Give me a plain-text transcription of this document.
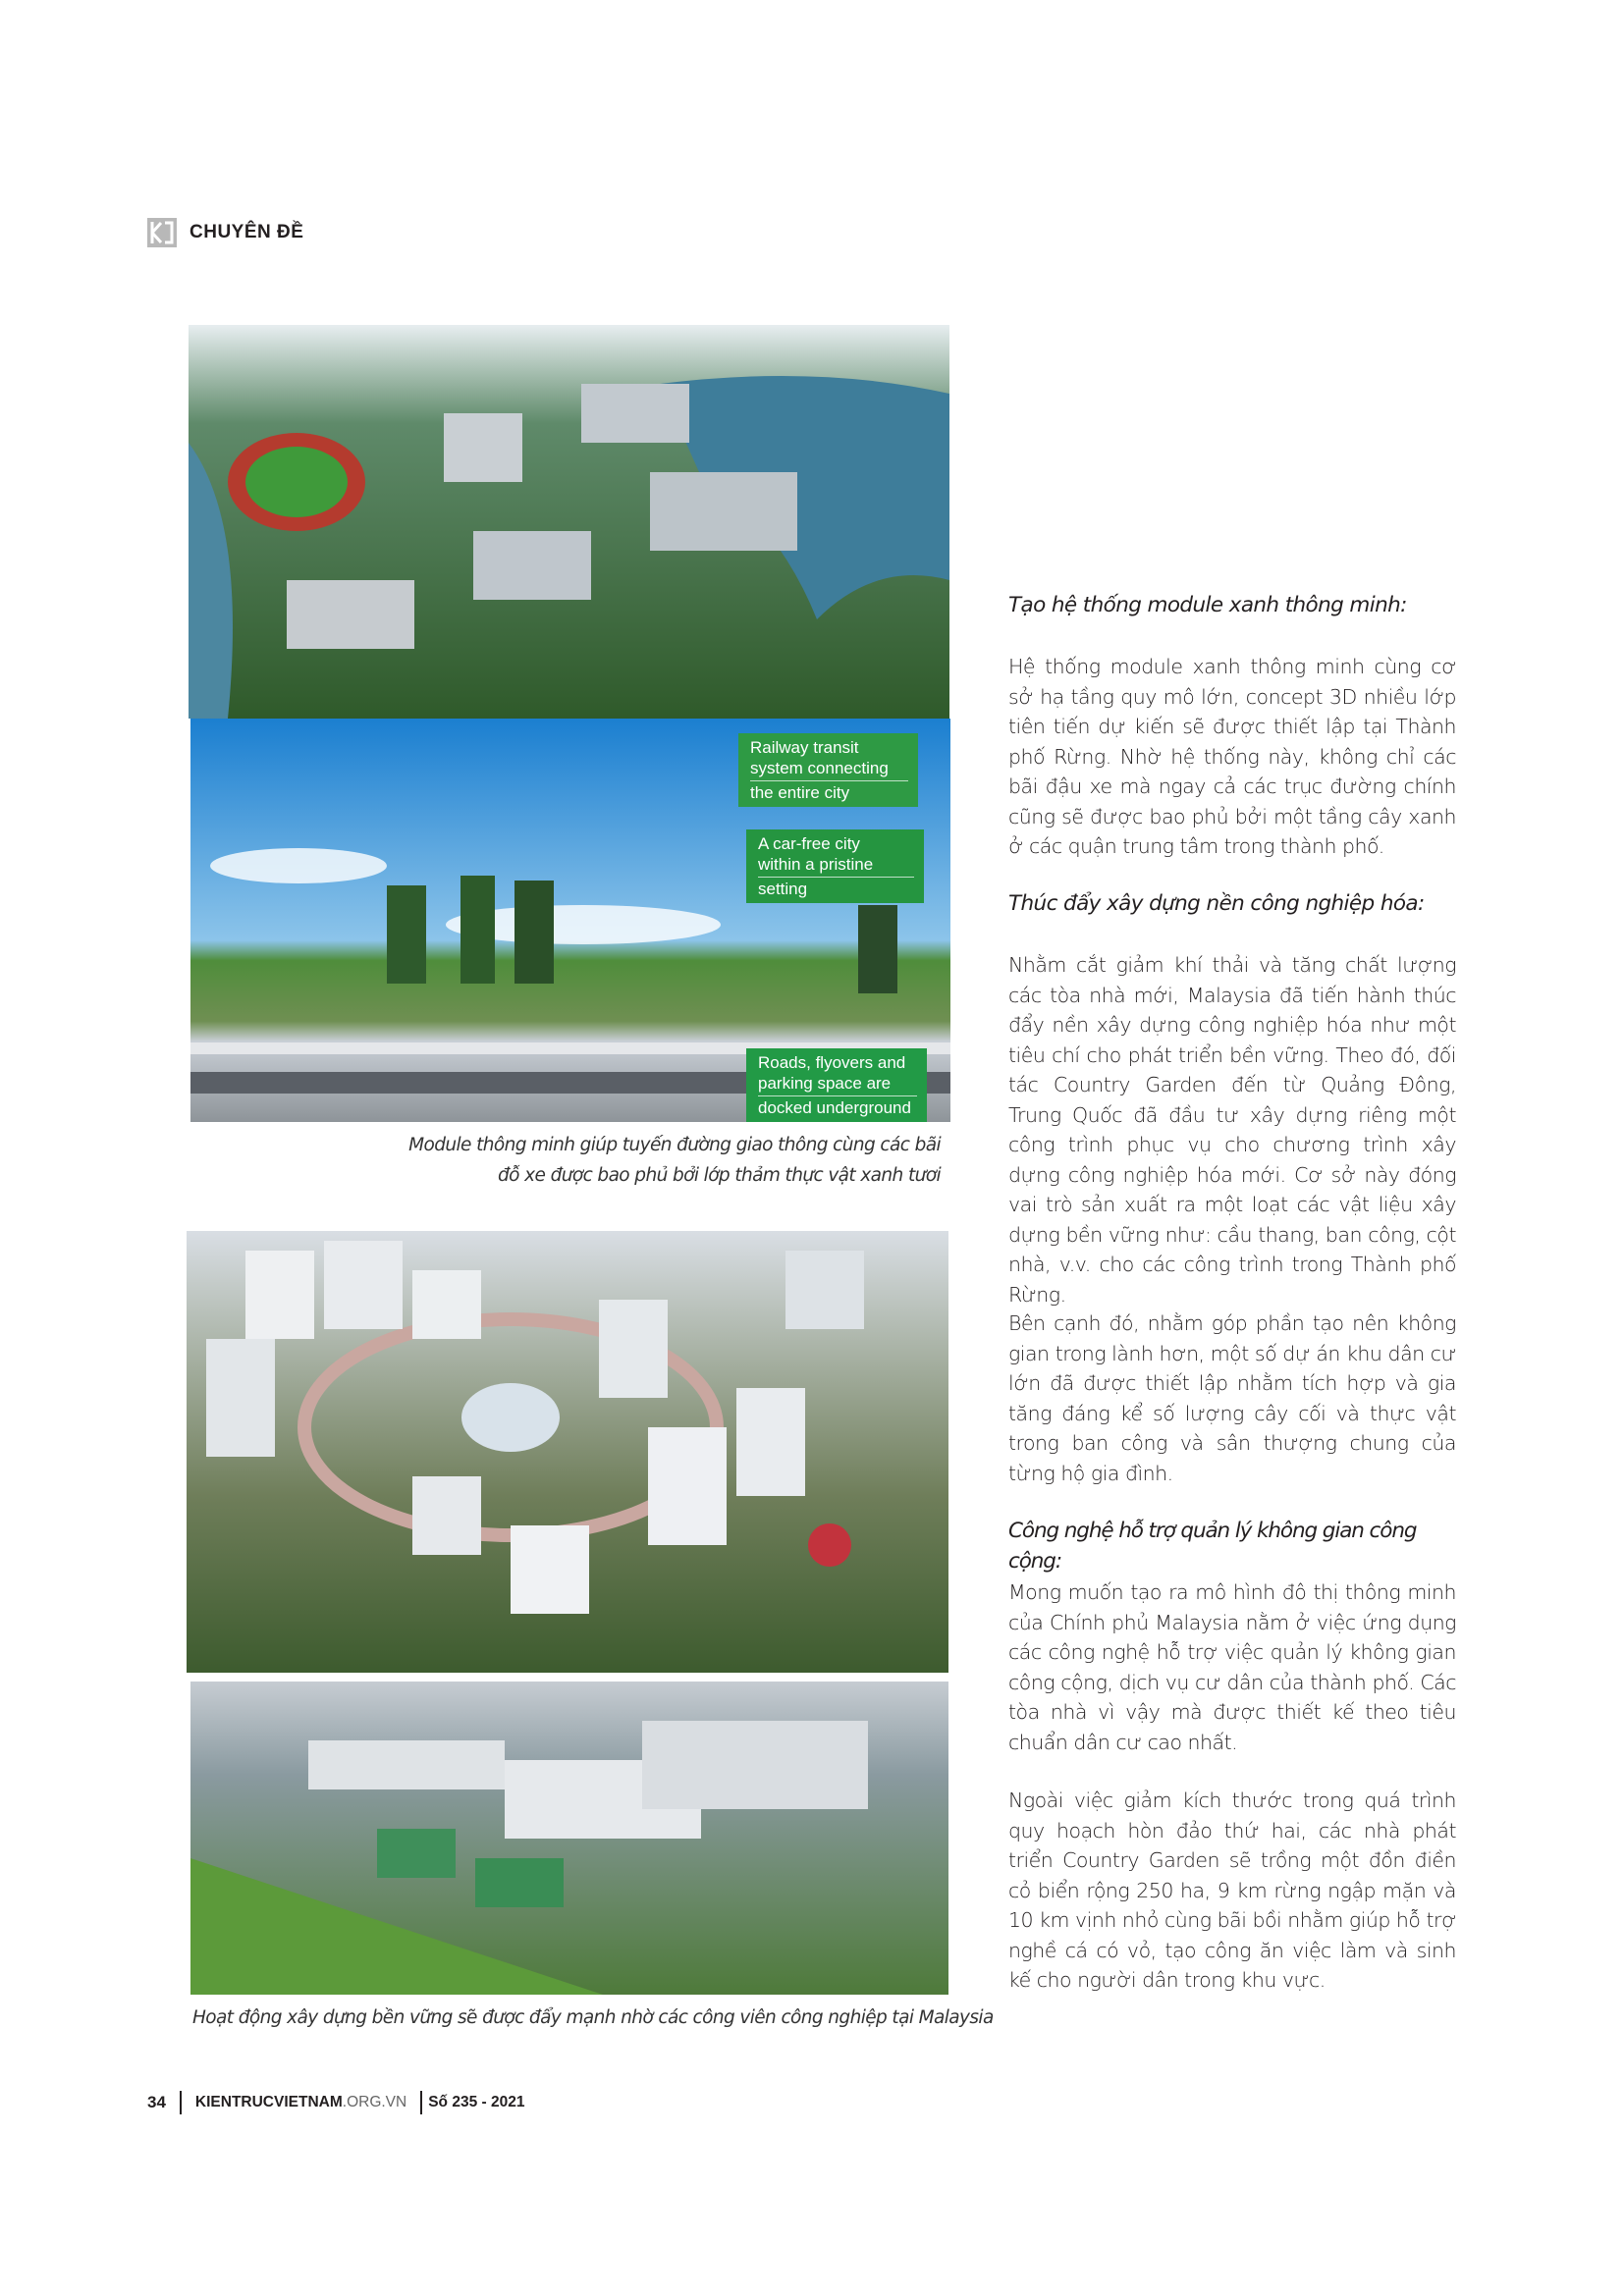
CHUYÊN ĐỀ
Railway transit
system connecting
the entire city
A car-free city
within a pristine
setting
Roads, flyovers and
parking space are
docked underground
Module thông minh giúp tuyến đường giao thông cùng các bãi
đỗ xe được bao phủ bởi lớp thảm thực vật xanh tươi
Hoạt động xây dựng bền vững sẽ được đẩy mạnh nhờ các công viên công nghiệp tại Malaysia
Tạo hệ thống module xanh thông minh:
Hệ thống module xanh thông minh cùng cơ sở hạ tầng quy mô lớn, concept 3D nhiều lớp tiên tiến dự kiến sẽ được thiết lập tại Thành phố Rừng. Nhờ hệ thống này, không chỉ các bãi đậu xe mà ngay cả các trục đường chính cũng sẽ được bao phủ bởi một tầng cây xanh ở các quận trung tâm trong thành phố.
Thúc đẩy xây dựng nền công nghiệp hóa:
Nhằm cắt giảm khí thải và tăng chất lượng các tòa nhà mới, Malaysia đã tiến hành thúc đẩy nền xây dựng công nghiệp hóa như một tiêu chí cho phát triển bền vững. Theo đó, đối tác Country Garden đến từ Quảng Đông, Trung Quốc đã đầu tư xây dựng riêng một công trình phục vụ cho chương trình xây dựng công nghiệp hóa mới. Cơ sở này đóng vai trò sản xuất ra một loạt các vật liệu xây dựng bền vững như: cầu thang, ban công, cột nhà, v.v. cho các công trình trong Thành phố Rừng.
Bên cạnh đó, nhằm góp phần tạo nên không gian trong lành hơn, một số dự án khu dân cư lớn đã được thiết lập nhằm tích hợp và gia tăng đáng kể số lượng cây cối và thực vật trong ban công và sân thượng chung của từng hộ gia đình.
Công nghệ hỗ trợ quản lý không gian công cộng:
Mong muốn tạo ra mô hình đô thị thông minh của Chính phủ Malaysia nằm ở việc ứng dụng các công nghệ hỗ trợ việc quản lý không gian công cộng, dịch vụ cư dân của thành phố. Các tòa nhà vì vậy mà được thiết kế theo tiêu chuẩn dân cư cao nhất.
Ngoài việc giảm kích thước trong quá trình quy hoạch hòn đảo thứ hai, các nhà phát triển Country Garden sẽ trồng một đồn điền cỏ biển rộng 250 ha, 9 km rừng ngập mặn và 10 km vịnh nhỏ cùng bãi bồi nhằm giúp hỗ trợ nghề cá có vỏ, tạo công ăn việc làm và sinh kế cho người dân trong khu vực.
34 KIENTRUCVIETNAM .ORG.VN Số 235 - 2021
